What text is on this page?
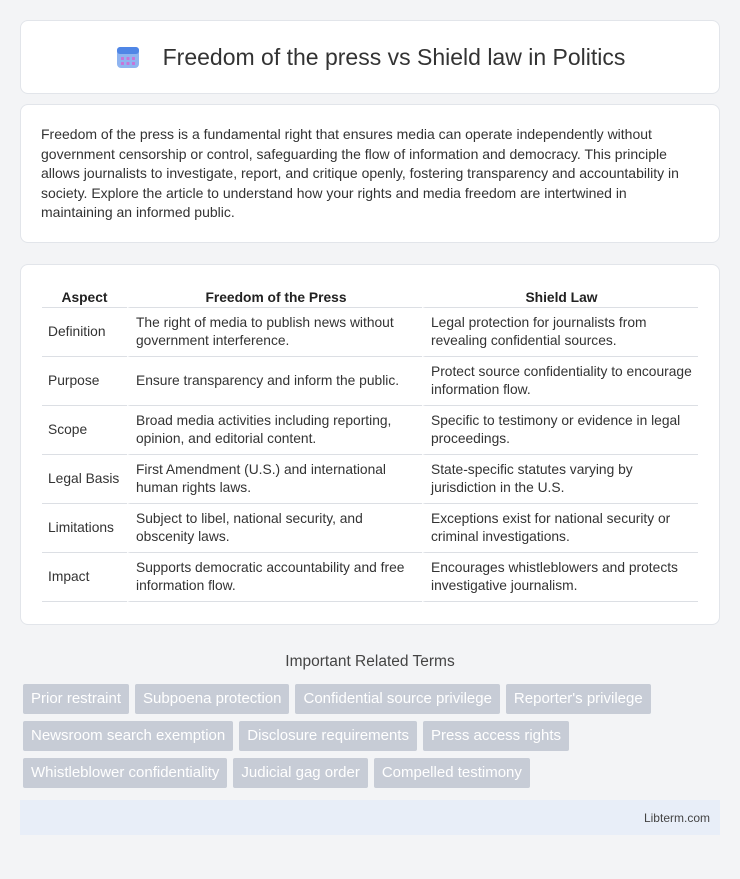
Freedom of the press vs Shield law in Politics

Freedom of the press is a fundamental right that ensures media can operate independently without government censorship or control, safeguarding the flow of information and democracy. This principle allows journalists to investigate, report, and critique openly, fostering transparency and accountability in society. Explore the article to understand how your rights and media freedom are intertwined in maintaining an informed public.

Aspect	Freedom of the Press	Shield Law
Definition	The right of media to publish news without government interference.	Legal protection for journalists from revealing confidential sources.
Purpose	Ensure transparency and inform the public.	Protect source confidentiality to encourage information flow.
Scope	Broad media activities including reporting, opinion, and editorial content.	Specific to testimony or evidence in legal proceedings.
Legal Basis	First Amendment (U.S.) and international human rights laws.	State-specific statutes varying by jurisdiction in the U.S.
Limitations	Subject to libel, national security, and obscenity laws.	Exceptions exist for national security or criminal investigations.
Impact	Supports democratic accountability and free information flow.	Encourages whistleblowers and protects investigative journalism.
Important Related Terms
Prior restraint	Subpoena protection	Confidential source privilege	Reporter's privilege
Newsroom search exemption	Disclosure requirements	Press access rights
Whistleblower confidentiality	Judicial gag order	Compelled testimony
Libterm.com
